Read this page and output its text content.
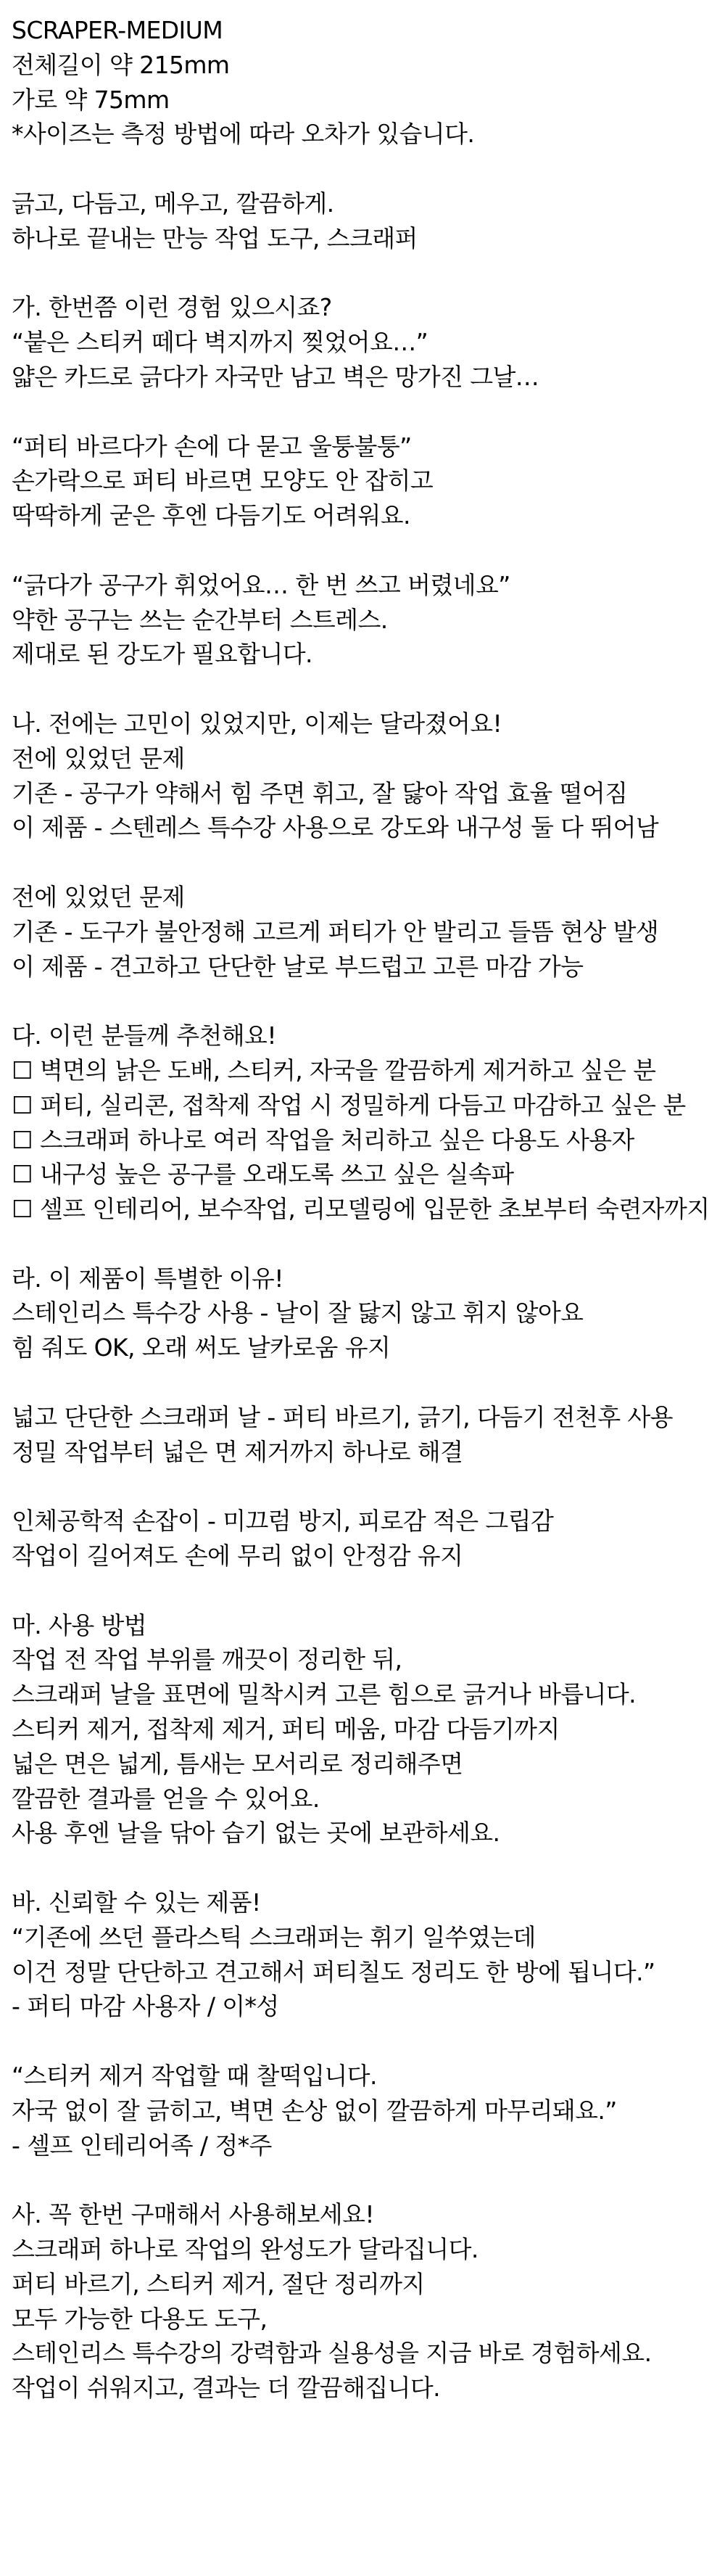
SCRAPER-MEDIUM
전체길이 약 215mm
가로 약 75mm
*사이즈는 측정 방법에 따라 오차가 있습니다.
긁고, 다듬고, 메우고, 깔끔하게.
하나로 끝내는 만능 작업 도구, 스크래퍼
가. 한번쯤 이런 경험 있으시죠?
“붙은 스티커 떼다 벽지까지 찢었어요…”
얇은 카드로 긁다가 자국만 남고 벽은 망가진 그날…
“퍼티 바르다가 손에 다 묻고 울퉁불퉁”
손가락으로 퍼티 바르면 모양도 안 잡히고
딱딱하게 굳은 후엔 다듬기도 어려워요.
“긁다가 공구가 휘었어요… 한 번 쓰고 버렸네요”
약한 공구는 쓰는 순간부터 스트레스.
제대로 된 강도가 필요합니다.
나. 전에는 고민이 있었지만, 이제는 달라졌어요!
전에 있었던 문제
기존 - 공구가 약해서 힘 주면 휘고, 잘 닳아 작업 효율 떨어짐
이 제품 - 스텐레스 특수강 사용으로 강도와 내구성 둘 다 뛰어남
전에 있었던 문제
기존 - 도구가 불안정해 고르게 퍼티가 안 발리고 들뜸 현상 발생
이 제품 - 견고하고 단단한 날로 부드럽고 고른 마감 가능
다. 이런 분들께 추천해요!
☐ 벽면의 낡은 도배, 스티커, 자국을 깔끔하게 제거하고 싶은 분
☐ 퍼티, 실리콘, 접착제 작업 시 정밀하게 다듬고 마감하고 싶은 분
☐ 스크래퍼 하나로 여러 작업을 처리하고 싶은 다용도 사용자
☐ 내구성 높은 공구를 오래도록 쓰고 싶은 실속파
☐ 셀프 인테리어, 보수작업, 리모델링에 입문한 초보부터 숙련자까지
라. 이 제품이 특별한 이유!
스테인리스 특수강 사용 - 날이 잘 닳지 않고 휘지 않아요
힘 줘도 OK, 오래 써도 날카로움 유지
넓고 단단한 스크래퍼 날 - 퍼티 바르기, 긁기, 다듬기 전천후 사용
정밀 작업부터 넓은 면 제거까지 하나로 해결
인체공학적 손잡이 - 미끄럼 방지, 피로감 적은 그립감
작업이 길어져도 손에 무리 없이 안정감 유지
마. 사용 방법
작업 전 작업 부위를 깨끗이 정리한 뒤,
스크래퍼 날을 표면에 밀착시켜 고른 힘으로 긁거나 바릅니다.
스티커 제거, 접착제 제거, 퍼티 메움, 마감 다듬기까지
넓은 면은 넓게, 틈새는 모서리로 정리해주면
깔끔한 결과를 얻을 수 있어요.
사용 후엔 날을 닦아 습기 없는 곳에 보관하세요.
바. 신뢰할 수 있는 제품!
“기존에 쓰던 플라스틱 스크래퍼는 휘기 일쑤였는데
이건 정말 단단하고 견고해서 퍼티칠도 정리도 한 방에 됩니다.”
- 퍼티 마감 사용자 / 이*성
“스티커 제거 작업할 때 찰떡입니다.
자국 없이 잘 긁히고, 벽면 손상 없이 깔끔하게 마무리돼요.”
- 셀프 인테리어족 / 정*주
사. 꼭 한번 구매해서 사용해보세요!
스크래퍼 하나로 작업의 완성도가 달라집니다.
퍼티 바르기, 스티커 제거, 절단 정리까지
모두 가능한 다용도 도구,
스테인리스 특수강의 강력함과 실용성을 지금 바로 경험하세요.
작업이 쉬워지고, 결과는 더 깔끔해집니다.
